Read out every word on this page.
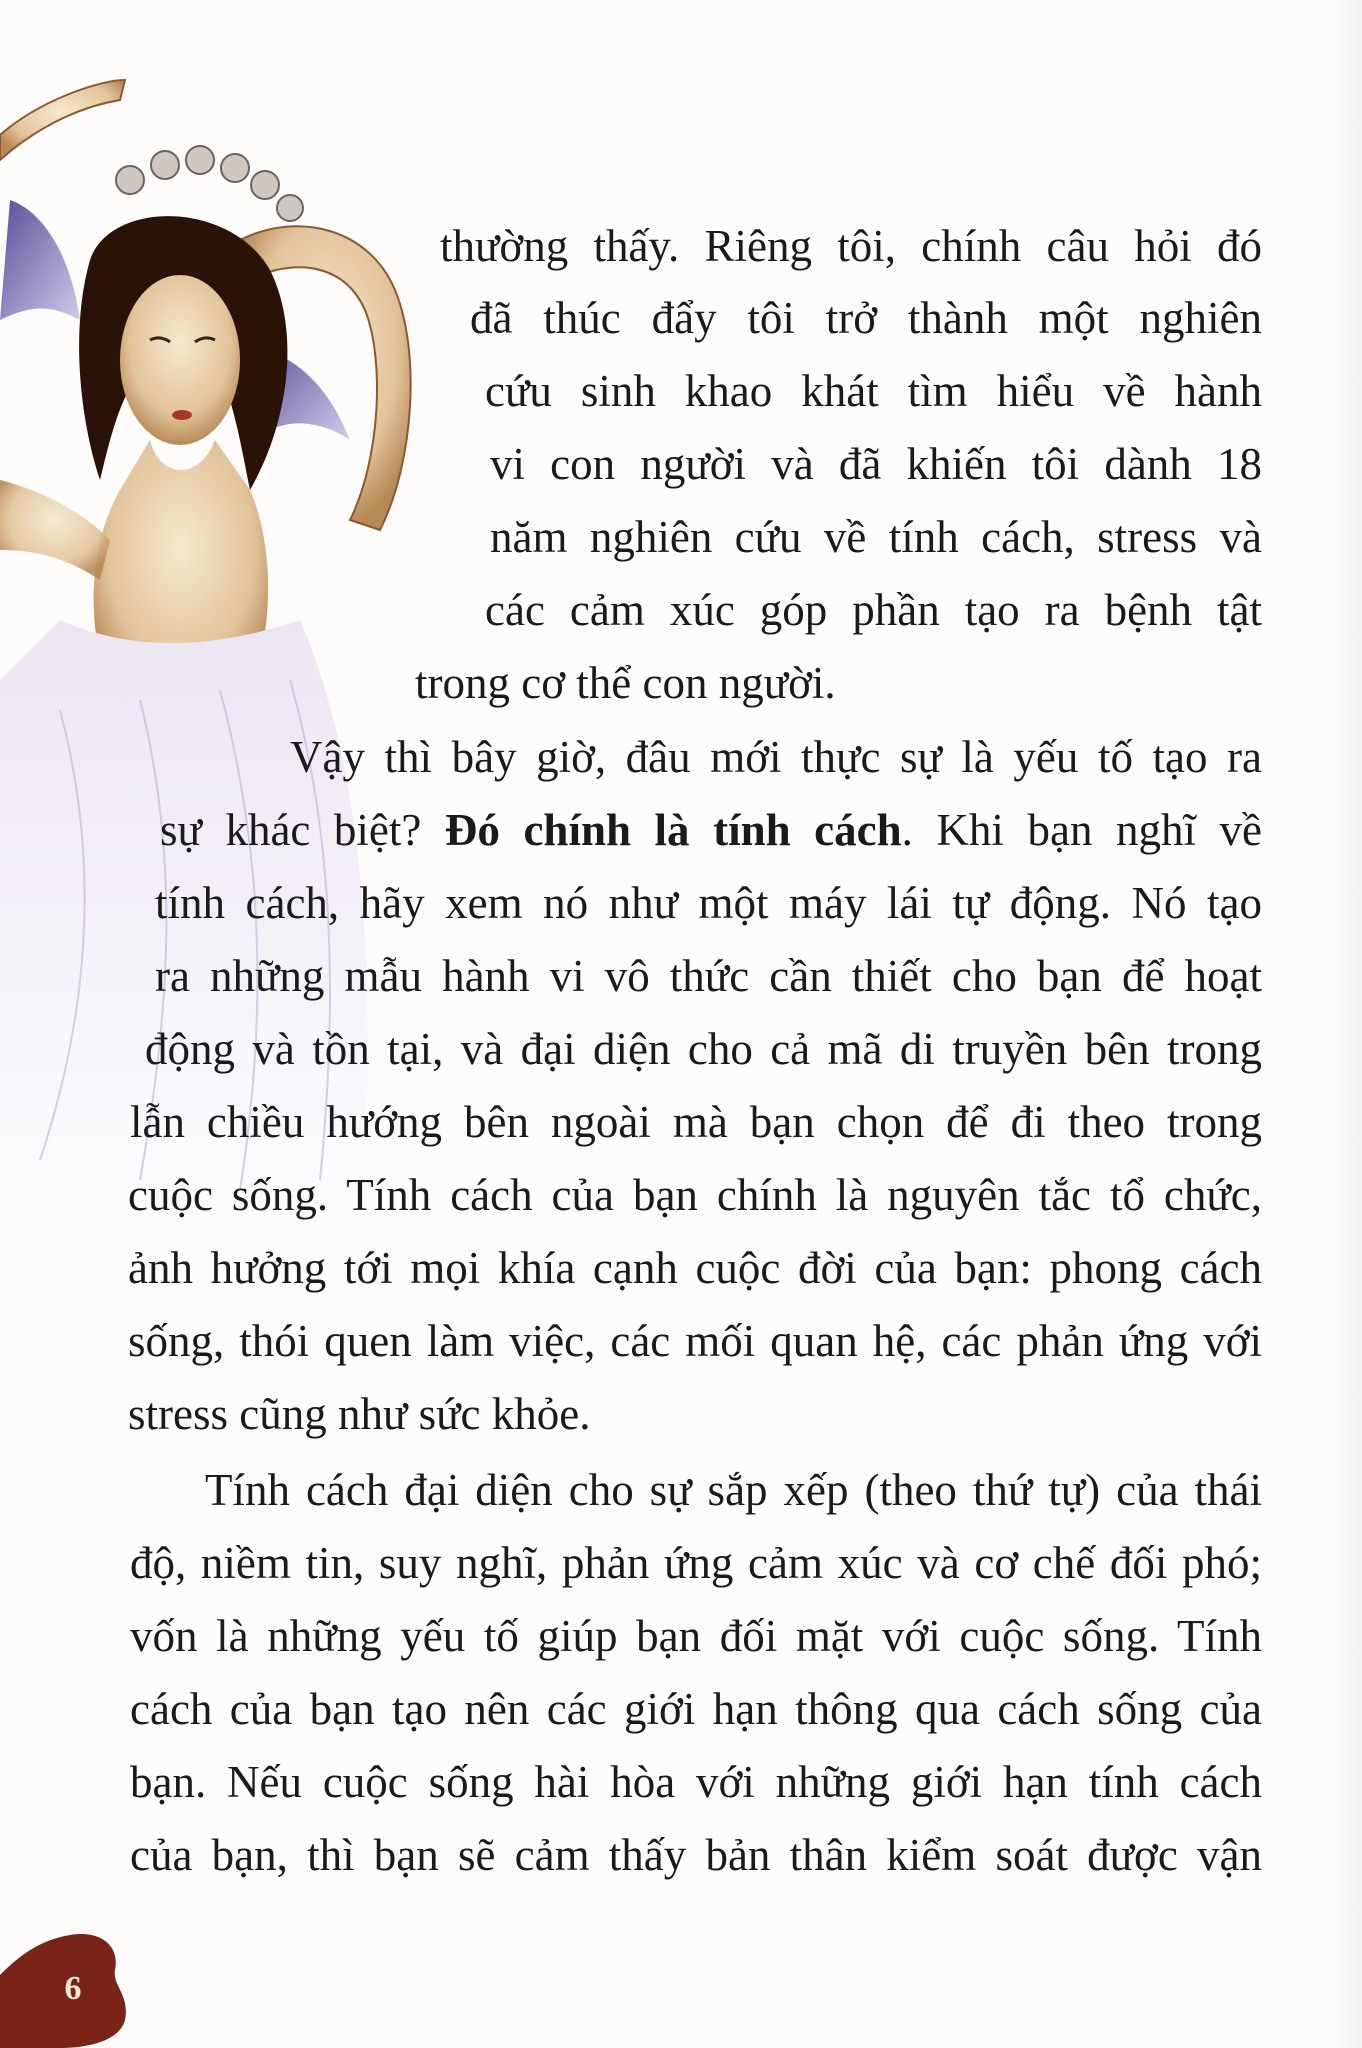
thường thấy. Riêng tôi, chính câu hỏi đó
đã thúc đẩy tôi trở thành một nghiên
cứu sinh khao khát tìm hiểu về hành
vi con người và đã khiến tôi dành 18
năm nghiên cứu về tính cách, stress và
các cảm xúc góp phần tạo ra bệnh tật
trong cơ thể con người.
Vậy thì bây giờ, đâu mới thực sự là yếu tố tạo ra
sự khác biệt? Đó chính là tính cách. Khi bạn nghĩ về
tính cách, hãy xem nó như một máy lái tự động. Nó tạo
ra những mẫu hành vi vô thức cần thiết cho bạn để hoạt
động và tồn tại, và đại diện cho cả mã di truyền bên trong
lẫn chiều hướng bên ngoài mà bạn chọn để đi theo trong
cuộc sống. Tính cách của bạn chính là nguyên tắc tổ chức,
ảnh hưởng tới mọi khía cạnh cuộc đời của bạn: phong cách
sống, thói quen làm việc, các mối quan hệ, các phản ứng với
stress cũng như sức khỏe.
Tính cách đại diện cho sự sắp xếp (theo thứ tự) của thái
độ, niềm tin, suy nghĩ, phản ứng cảm xúc và cơ chế đối phó;
vốn là những yếu tố giúp bạn đối mặt với cuộc sống. Tính
cách của bạn tạo nên các giới hạn thông qua cách sống của
bạn. Nếu cuộc sống hài hòa với những giới hạn tính cách
của bạn, thì bạn sẽ cảm thấy bản thân kiểm soát được vận
6
